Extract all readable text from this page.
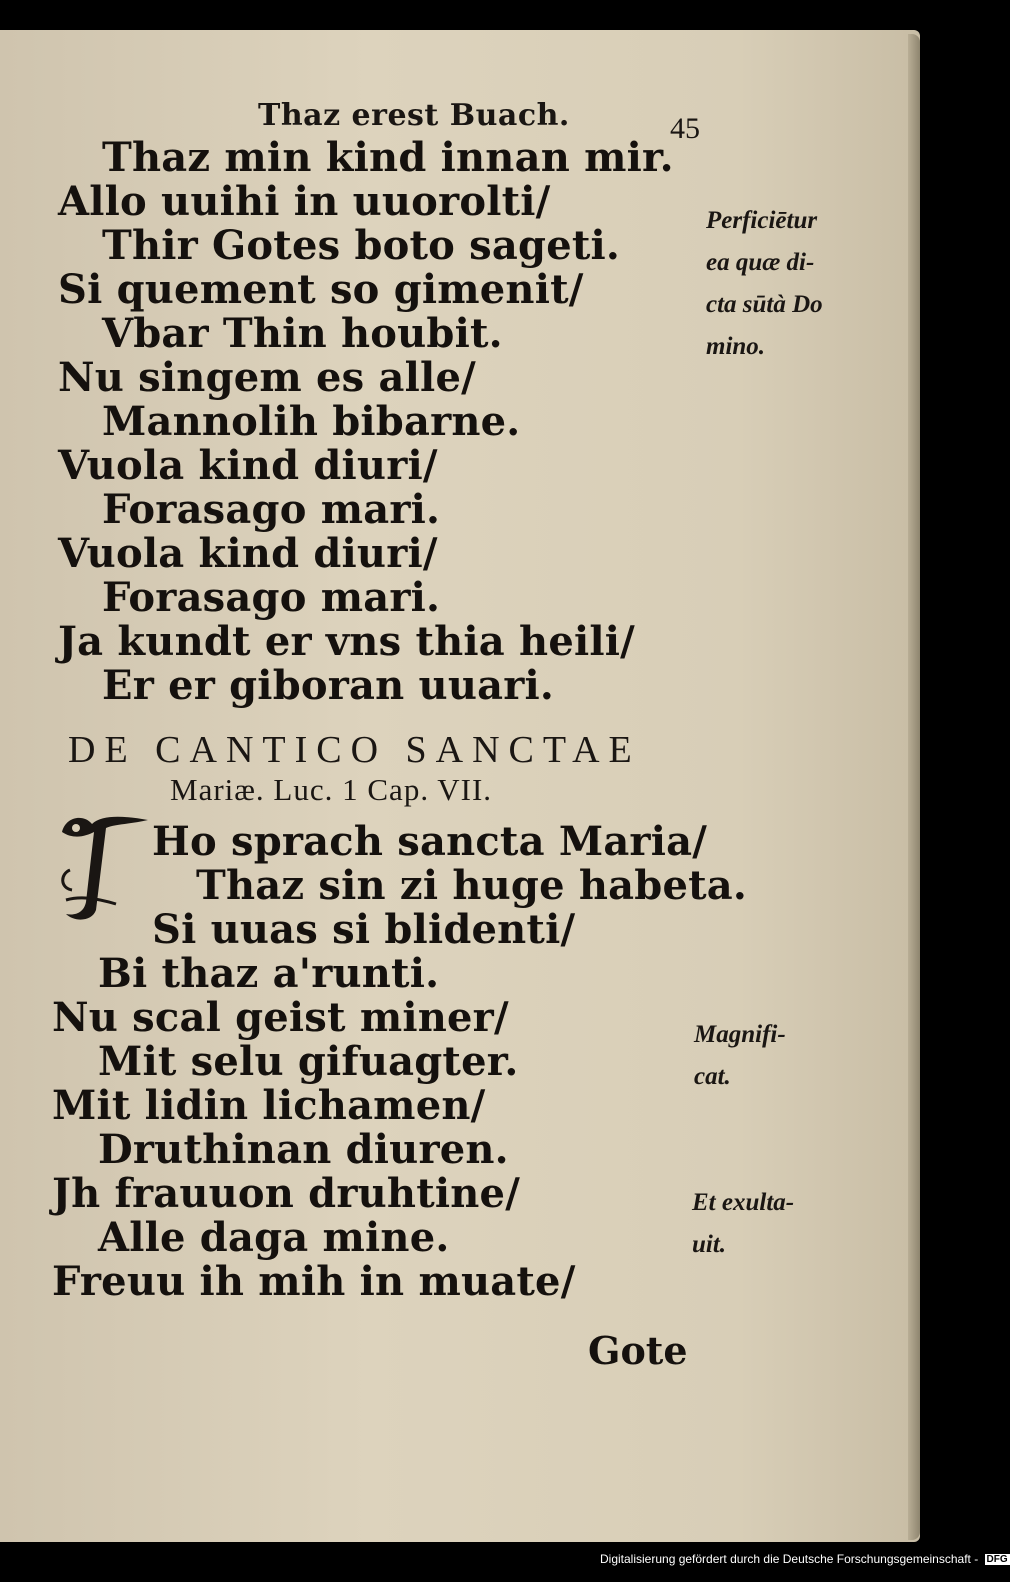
Thaz erest Buach.	45
Thaz min kind innan mir.
Allo uuihi in uuorolti/
Thir Gotes boto sageti.
Si quement so gimenit/
Vbar Thin houbit.
Nu singem es alle/
Mannolih bibarne.
Vuola kind diuri/
Forasago mari.
Vuola kind diuri/
Forasago mari.
Ja kundt er vns thia heili/
Er er giboran uuari.
DE CANTICO SANCTAE
Mariæ. Luc. 1 Cap. VII.
Ho sprach sancta Maria/
Thaz sin zi huge habeta.
Si uuas si blidenti/
Bi thaz a'runti.
Nu scal geist miner/
Mit selu gifuagter.
Mit lidin lichamen/
Druthinan diuren.
Jh frauuon druhtine/
Alle daga mine.
Freuu ih mih in muate/
Perficiētur
ea quæ di-
cta sūtà Do
mino.
Magnifi-
cat.
Et exulta-
uit.
Gote
Digitalisierung gefördert durch die Deutsche Forschungsgemeinschaft - DFG
